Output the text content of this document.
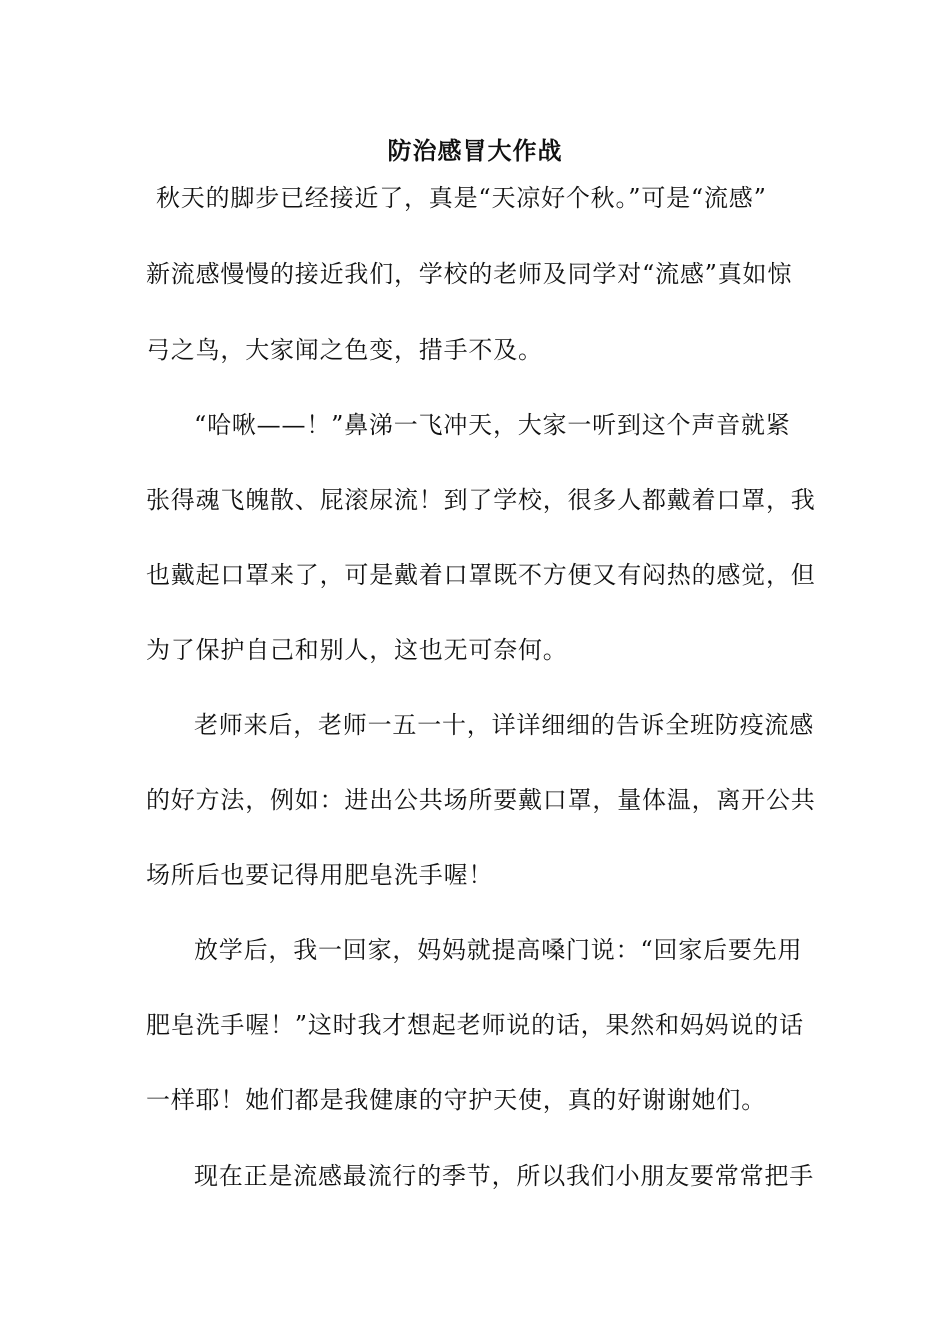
防治感冒大作战
秋天的脚步已经接近了，真是“天凉好个秋。”可是“流感”
新流感慢慢的接近我们，学校的老师及同学对“流感”真如惊
弓之鸟，大家闻之色变，措手不及。
“哈啾——！”鼻涕一飞冲天，大家一听到这个声音就紧
张得魂飞魄散、屁滚尿流！到了学校，很多人都戴着口罩，我
也戴起口罩来了，可是戴着口罩既不方便又有闷热的感觉，但
为了保护自己和别人，这也无可奈何。
老师来后，老师一五一十，详详细细的告诉全班防疫流感
的好方法，例如：进出公共场所要戴口罩，量体温，离开公共
场所后也要记得用肥皂洗手喔！
放学后，我一回家，妈妈就提高嗓门说：“回家后要先用
肥皂洗手喔！”这时我才想起老师说的话，果然和妈妈说的话
一样耶！她们都是我健康的守护天使，真的好谢谢她们。
现在正是流感最流行的季节，所以我们小朋友要常常把手
